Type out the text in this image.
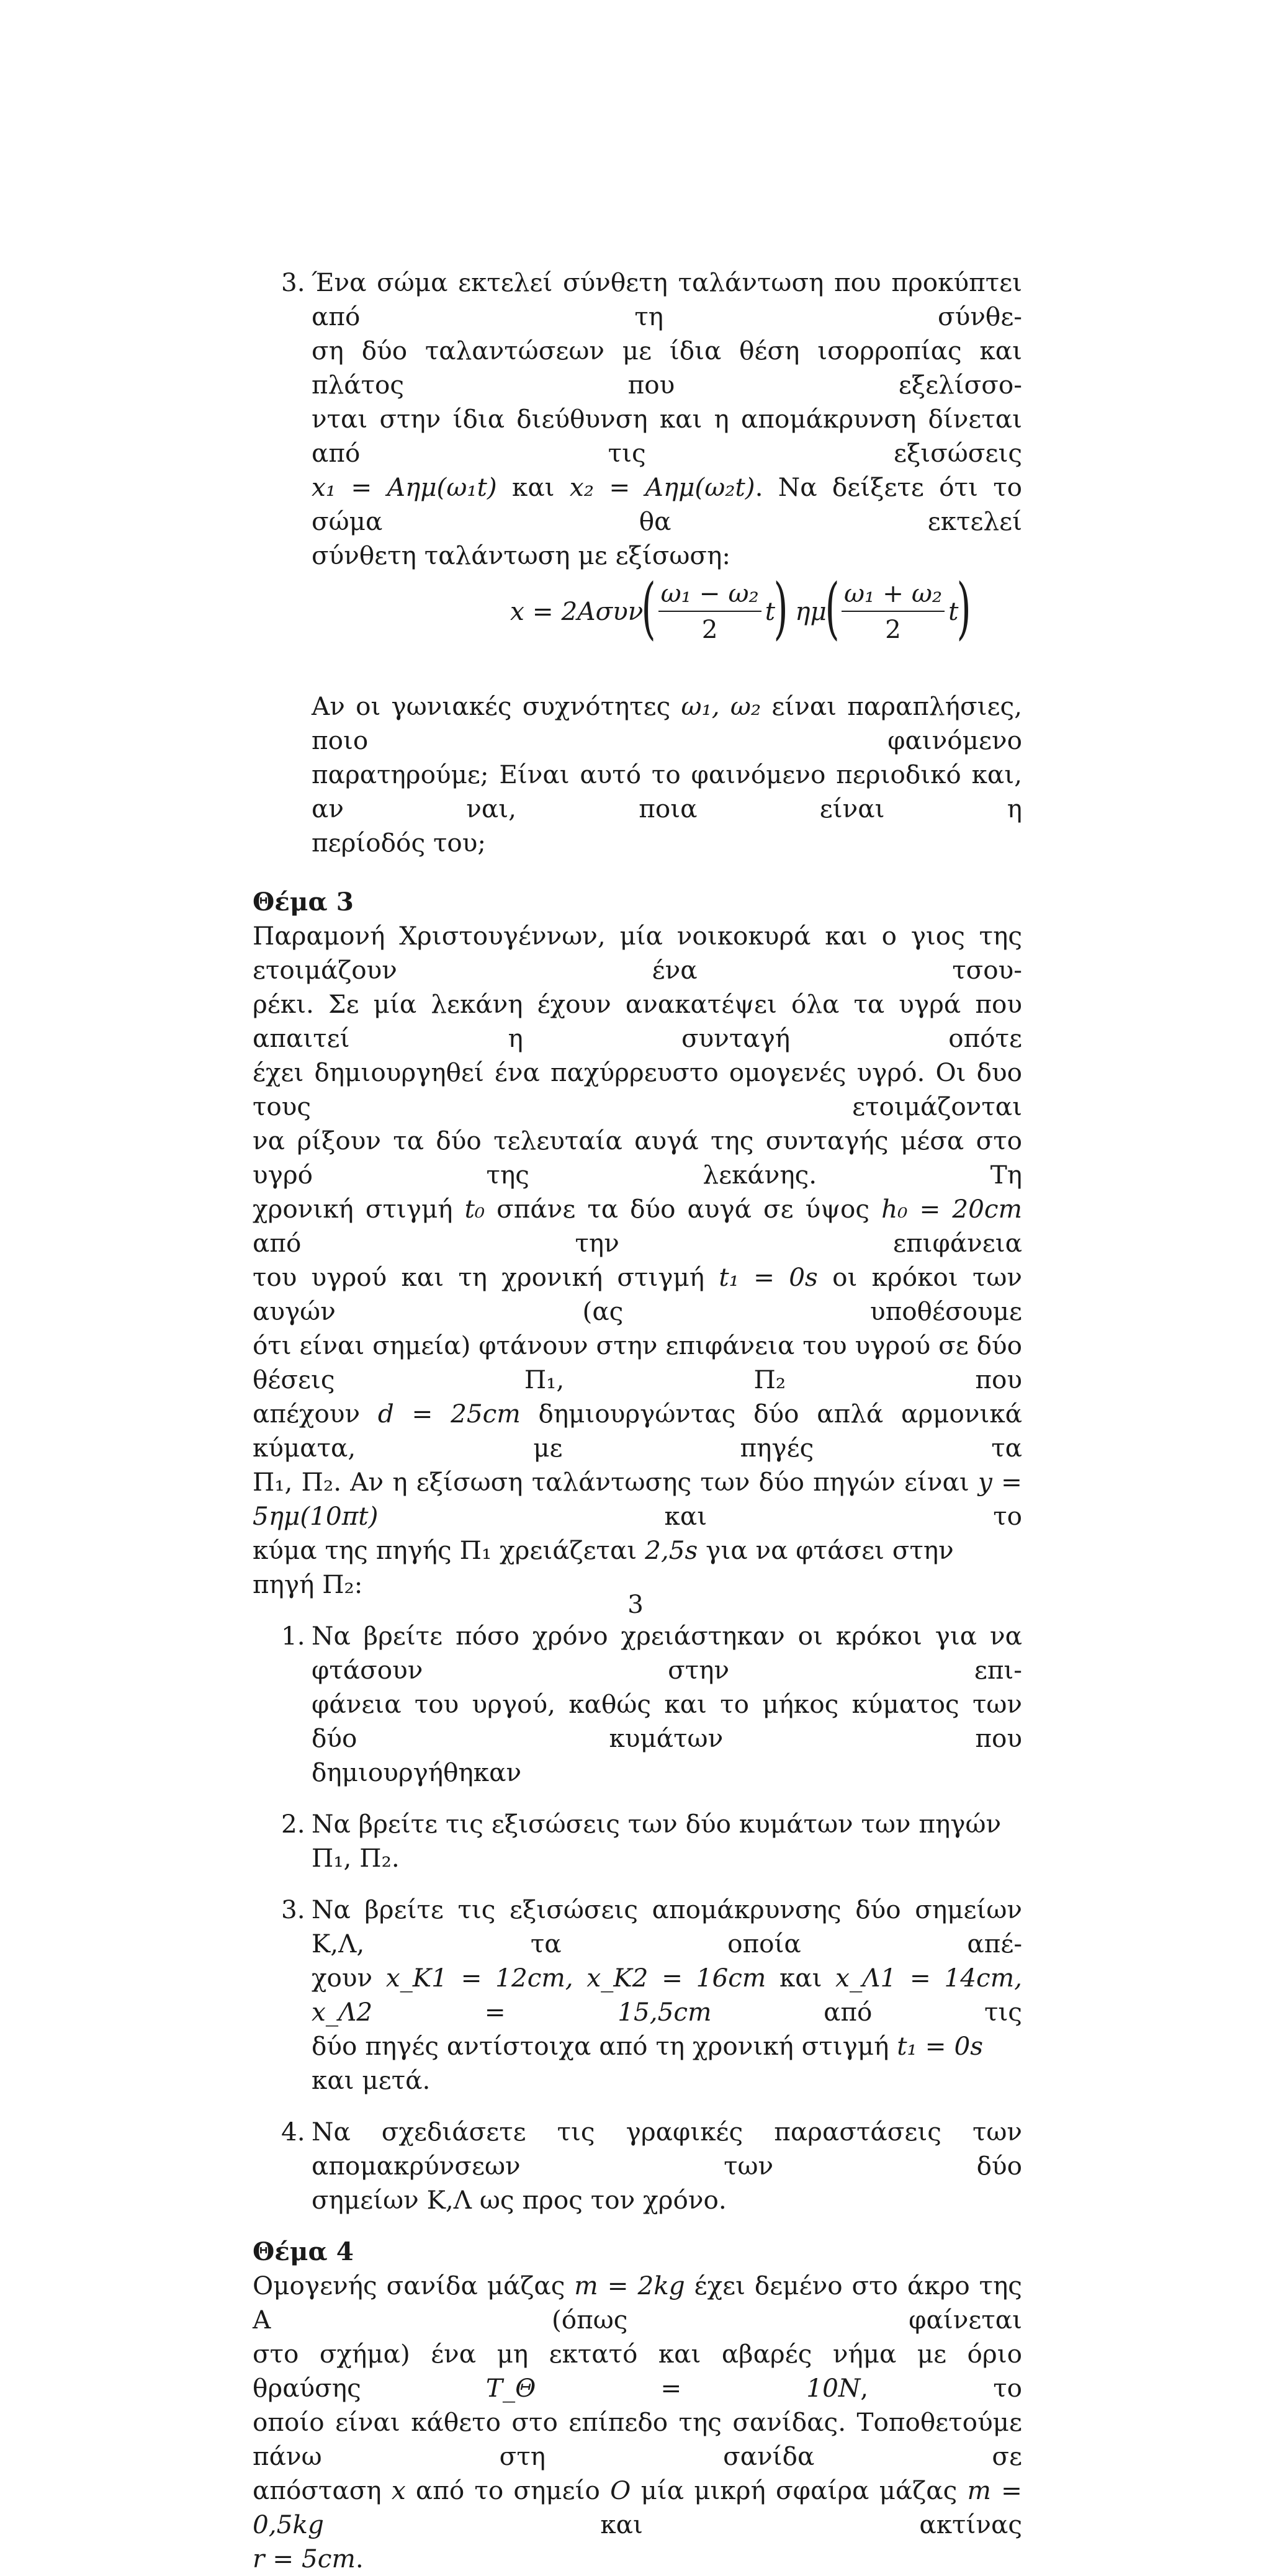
3. Ένα σώμα εκτελεί σύνθετη ταλάντωση που προκύπτει από τη σύνθε-
ση δύο ταλαντώσεων με ίδια θέση ισορροπίας και πλάτος που εξελίσσο-
νται στην ίδια διεύθυνση και η απομάκρυνση δίνεται από τις εξισώσεις
x₁ = Αημ(ω₁t) και x₂ = Αημ(ω₂t). Να δείξετε ότι το σώμα θα εκτελεί
σύνθετη ταλάντωση με εξίσωση:
x = 2Ασυν
( $\frac{\text{ω₁ − ω₂}}{2}$ t
) ημ
( $\frac{\text{ω₁ + ω₂}}{2}$ t
)
Αν οι γωνιακές συχνότητες ω₁, ω₂ είναι παραπλήσιες, ποιο φαινόμενο
παρατηρούμε; Είναι αυτό το φαινόμενο περιοδικό και, αν ναι, ποια είναι η
περίοδός του;
Θέμα 3
Παραμονή Χριστουγέννων, μία νοικοκυρά και ο γιος της ετοιμάζουν ένα τσου-
ρέκι. Σε μία λεκάνη έχουν ανακατέψει όλα τα υγρά που απαιτεί η συνταγή οπότε
έχει δημιουργηθεί ένα παχύρρευστο ομογενές υγρό. Οι δυο τους ετοιμάζονται
να ρίξουν τα δύο τελευταία αυγά της συνταγής μέσα στο υγρό της λεκάνης. Τη
χρονική στιγμή t₀ σπάνε τα δύο αυγά σε ύψος h₀ = 20cm από την επιφάνεια
του υγρού και τη χρονική στιγμή t₁ = 0s οι κρόκοι των αυγών (ας υποθέσουμε
ότι είναι σημεία) φτάνουν στην επιφάνεια του υγρού σε δύο θέσεις Π₁, Π₂ που
απέχουν d = 25cm δημιουργώντας δύο απλά αρμονικά κύματα, με πηγές τα
Π₁, Π₂. Αν η εξίσωση ταλάντωσης των δύο πηγών είναι y = 5ημ(10πt) και το
κύμα της πηγής Π₁ χρειάζεται 2,5s για να φτάσει στην πηγή Π₂:
1. Να βρείτε πόσο χρόνο χρειάστηκαν οι κρόκοι για να φτάσουν στην επι-
φάνεια του υργού, καθώς και το μήκος κύματος των δύο κυμάτων που
δημιουργήθηκαν
2. Να βρείτε τις εξισώσεις των δύο κυμάτων των πηγών Π₁, Π₂.
3. Να βρείτε τις εξισώσεις απομάκρυνσης δύο σημείων Κ,Λ, τα οποία απέ-
χουν x_K1 = 12cm, x_K2 = 16cm και x_Λ1 = 14cm, x_Λ2 = 15,5cm από τις
δύο πηγές αντίστοιχα από τη χρονική στιγμή t₁ = 0s και μετά.
4. Να σχεδιάσετε τις γραφικές παραστάσεις των απομακρύνσεων των δύο
σημείων Κ,Λ ως προς τον χρόνο.
Θέμα 4
Ομογενής σανίδα μάζας m = 2kg έχει δεμένο στο άκρο της Α (όπως φαίνεται
στο σχήμα) ένα μη εκτατό και αβαρές νήμα με όριο θραύσης T_Θ = 10N, το
οποίο είναι κάθετο στο επίπεδο της σανίδας. Τοποθετούμε πάνω στη σανίδα σε
απόσταση x από το σημείο O μία μικρή σφαίρα μάζας m = 0,5kg και ακτίνας
r = 5cm.
3
